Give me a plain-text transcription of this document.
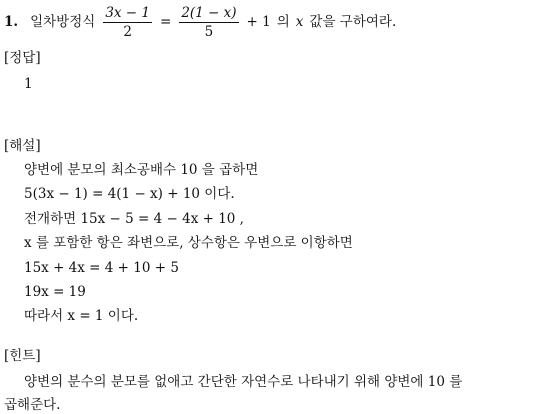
1. 일차방정식 $\frac{3x - 1}{2} = \frac{2(1 - x)}{5} + 1$ 의 x 값을 구하여라.
[정답]
1
[해설]
양변에 분모의 최소공배수 10 을 곱하면
5(3x − 1) = 4(1 − x) + 10 이다.
전개하면 15x − 5 = 4 − 4x + 10 ,
x 를 포함한 항은 좌변으로, 상수항은 우변으로 이항하면
15x + 4x = 4 + 10 + 5
19x = 19
따라서 x = 1 이다.
[힌트]
양변의 분수의 분모를 없애고 간단한 자연수로 나타내기 위해 양변에 10 를
곱해준다.
